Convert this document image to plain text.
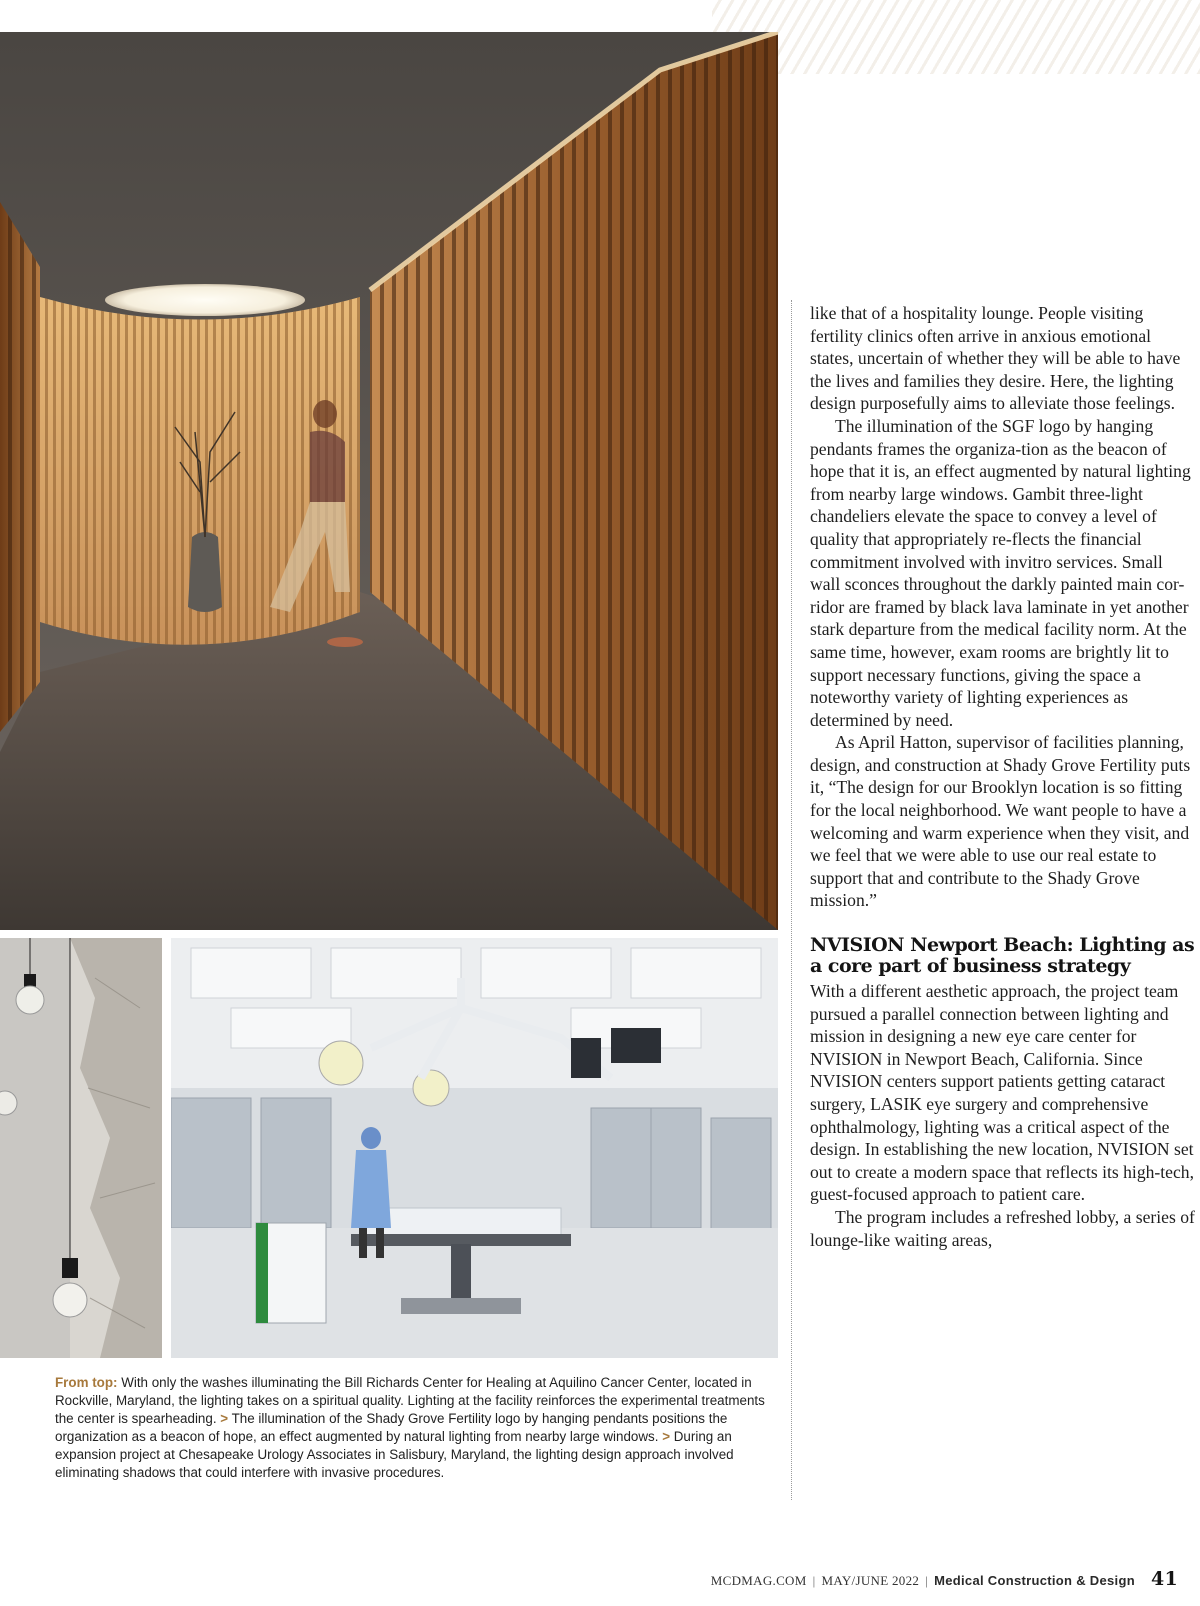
From top: With only the washes illuminating the Bill Richards Center for Healing at Aquilino Cancer Center, located in Rockville, Maryland, the lighting takes on a spiritual quality. Lighting at the facility reinforces the experimental treatments the center is spearheading. > The illumination of the Shady Grove Fertility logo by hanging pendants positions the organization as a beacon of hope, an effect augmented by natural lighting from nearby large windows. > During an expansion project at Chesapeake Urology Associates in Salisbury, Maryland, the lighting design approach involved eliminating shadows that could interfere with invasive procedures.

like that of a hospitality lounge. People visiting fertility clinics often arrive in anxious emotional states, uncertain of whether they will be able to have the lives and families they desire. Here, the lighting design purposefully aims to alleviate those feelings.

The illumination of the SGF logo by hanging pendants frames the organiza-tion as the beacon of hope that it is, an effect augmented by natural lighting from nearby large windows. Gambit three-light chandeliers elevate the space to convey a level of quality that appropriately re-flects the financial commitment involved with invitro services. Small wall sconces throughout the darkly painted main cor-ridor are framed by black lava laminate in yet another stark departure from the medical facility norm. At the same time, however, exam rooms are brightly lit to support necessary functions, giving the space a noteworthy variety of lighting experiences as determined by need.

As April Hatton, supervisor of facilities planning, design, and construction at Shady Grove Fertility puts it, “The design for our Brooklyn location is so fitting for the local neighborhood. We want people to have a welcoming and warm experience when they visit, and we feel that we were able to use our real estate to support that and contribute to the Shady Grove mission.”

NVISION Newport Beach: Lighting as a core part of business strategy

With a different aesthetic approach, the project team pursued a parallel connection between lighting and mission in designing a new eye care center for NVISION in Newport Beach, California. Since NVISION centers support patients getting cataract surgery, LASIK eye surgery and comprehensive ophthalmology, lighting was a critical aspect of the design. In establishing the new location, NVISION set out to create a modern space that reflects its high-tech, guest-focused approach to patient care.

The program includes a refreshed lobby, a series of lounge-like waiting areas,

MCDMAG.COM | MAY/JUNE 2022 | Medical Construction & Design 41
